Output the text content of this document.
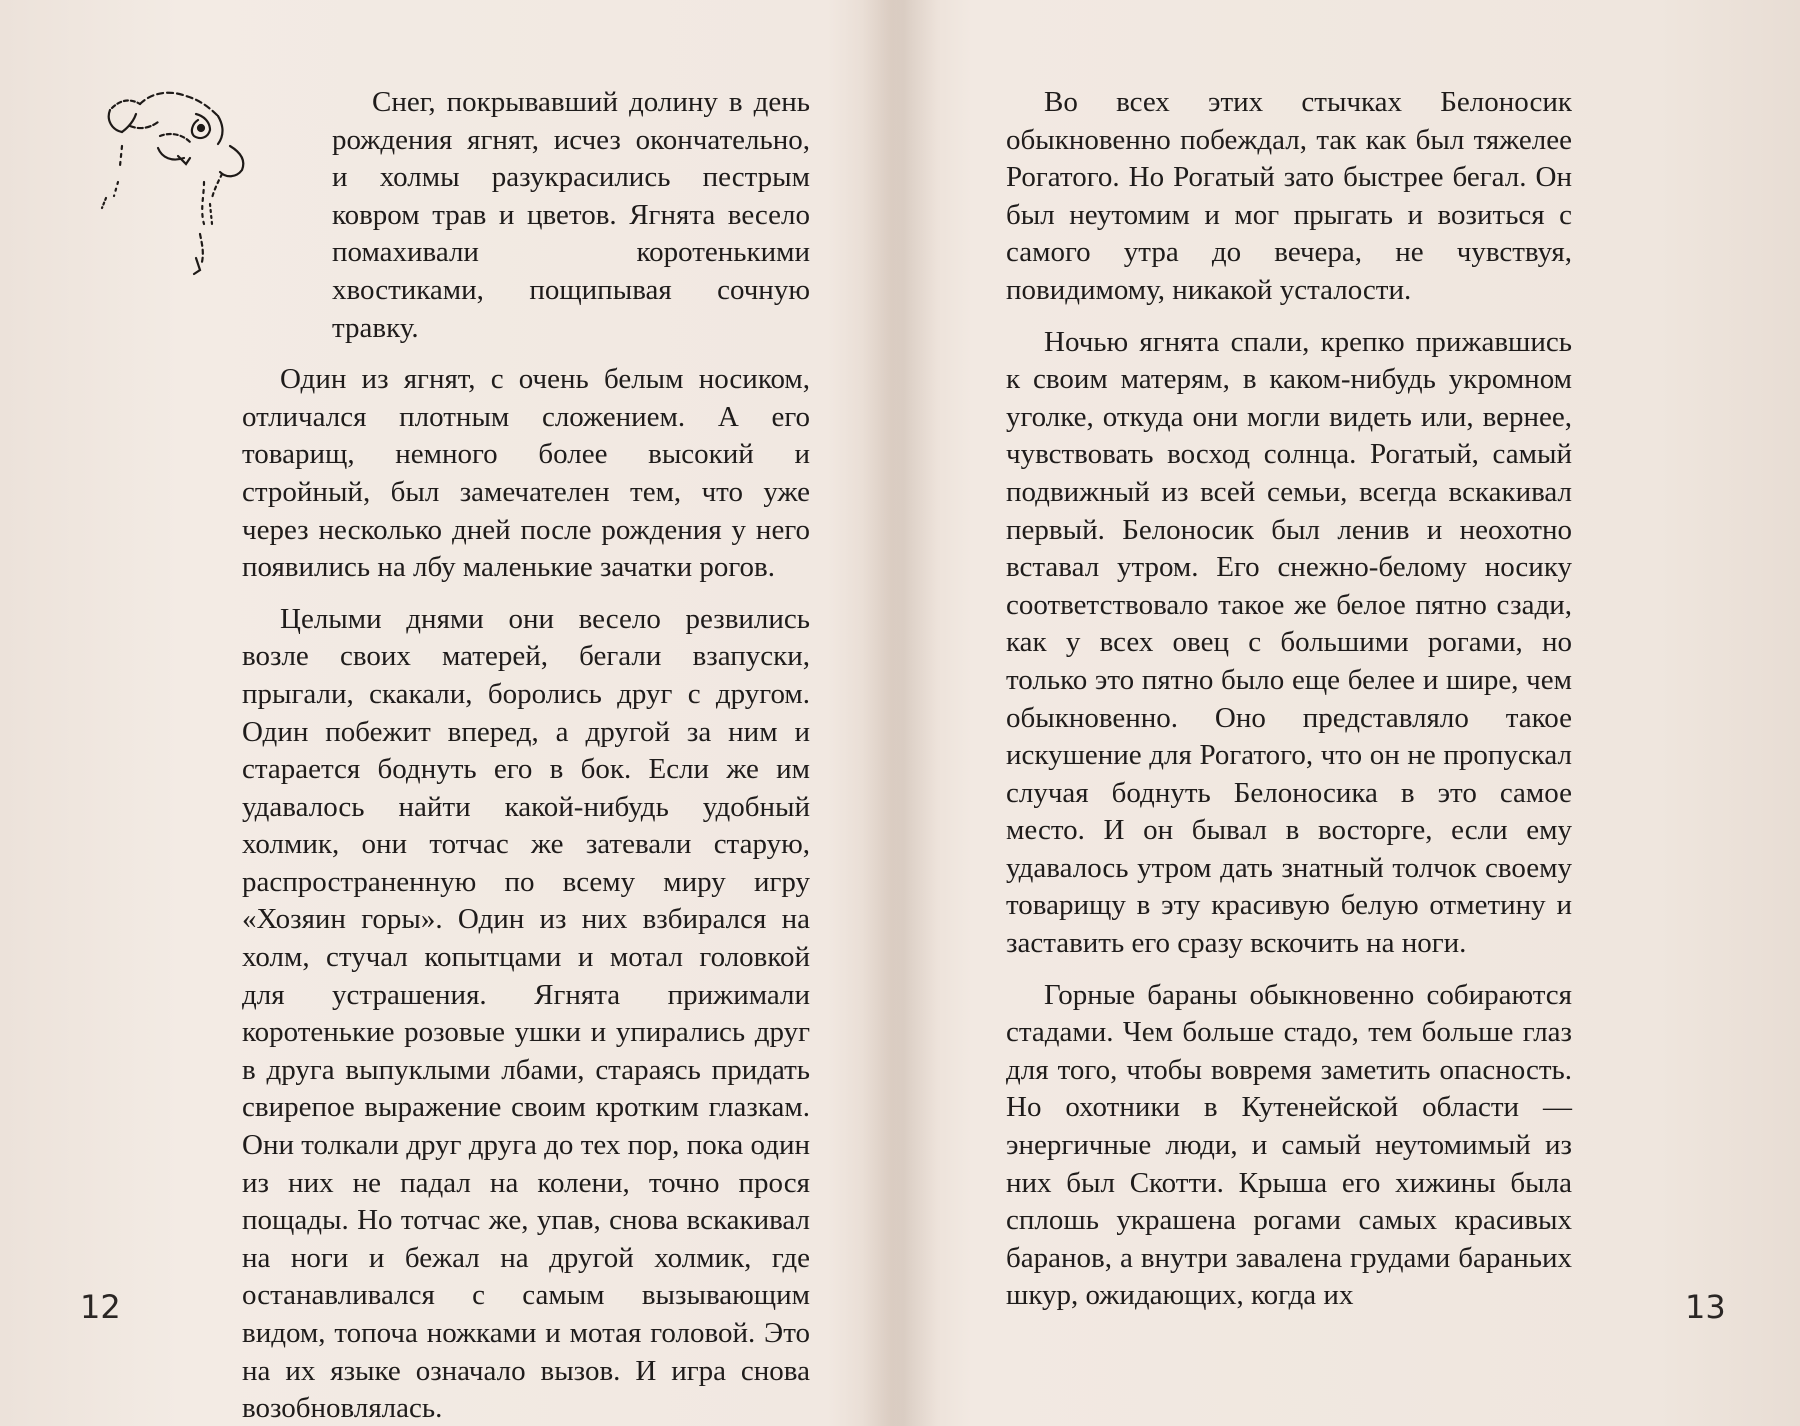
Снег, покрывавший долину в день рождения ягнят, исчез окончательно, и холмы разукрасились пестрым ковром трав и цветов. Ягнята весело помахивали коротенькими хвостиками, пощипывая сочную травку.

Один из ягнят, с очень белым носиком, отличался плотным сложением. А его товарищ, немного более высокий и стройный, был замечателен тем, что уже через несколько дней после рождения у него появились на лбу маленькие зачатки рогов.

Целыми днями они весело резвились возле своих матерей, бегали взапуски, прыгали, скакали, боролись друг с другом. Один побежит вперед, а другой за ним и старается боднуть его в бок. Если же им удавалось найти какой-нибудь удобный холмик, они тотчас же затевали старую, распространенную по всему миру игру «Хозяин горы». Один из них взбирался на холм, стучал копытцами и мотал головкой для устрашения. Ягнята прижимали коротенькие розовые ушки и упирались друг в друга выпуклыми лбами, стараясь придать свирепое выражение своим кротким глазкам. Они толкали друг друга до тех пор, пока один из них не падал на колени, точно прося пощады. Но тотчас же, упав, снова вскакивал на ноги и бежал на другой холмик, где останавливался с самым вызывающим видом, топоча ножками и мотая головой. Это на их языке означало вызов. И игра снова возобновлялась.

12

Во всех этих стычках Белоносик обыкновенно побеждал, так как был тяжелее Рогатого. Но Рогатый зато быстрее бегал. Он был неутомим и мог прыгать и возиться с самого утра до вечера, не чувствуя, повидимому, никакой усталости.

Ночью ягнята спали, крепко прижавшись к своим матерям, в каком-нибудь укромном уголке, откуда они могли видеть или, вернее, чувствовать восход солнца. Рогатый, самый подвижный из всей семьи, всегда вскакивал первый. Белоносик был ленив и неохотно вставал утром. Его снежно-белому носику соответствовало такое же белое пятно сзади, как у всех овец с большими рогами, но только это пятно было еще белее и шире, чем обыкновенно. Оно представляло такое искушение для Рогатого, что он не пропускал случая боднуть Белоносика в это самое место. И он бывал в восторге, если ему удавалось утром дать знатный толчок своему товарищу в эту красивую белую отметину и заставить его сразу вскочить на ноги.

Горные бараны обыкновенно собираются стадами. Чем больше стадо, тем больше глаз для того, чтобы вовремя заметить опасность. Но охотники в Кутенейской области — энергичные люди, и самый неутомимый из них был Скотти. Крыша его хижины была сплошь украшена рогами самых красивых баранов, а внутри завалена грудами бараньих шкур, ожидающих, когда их	13
